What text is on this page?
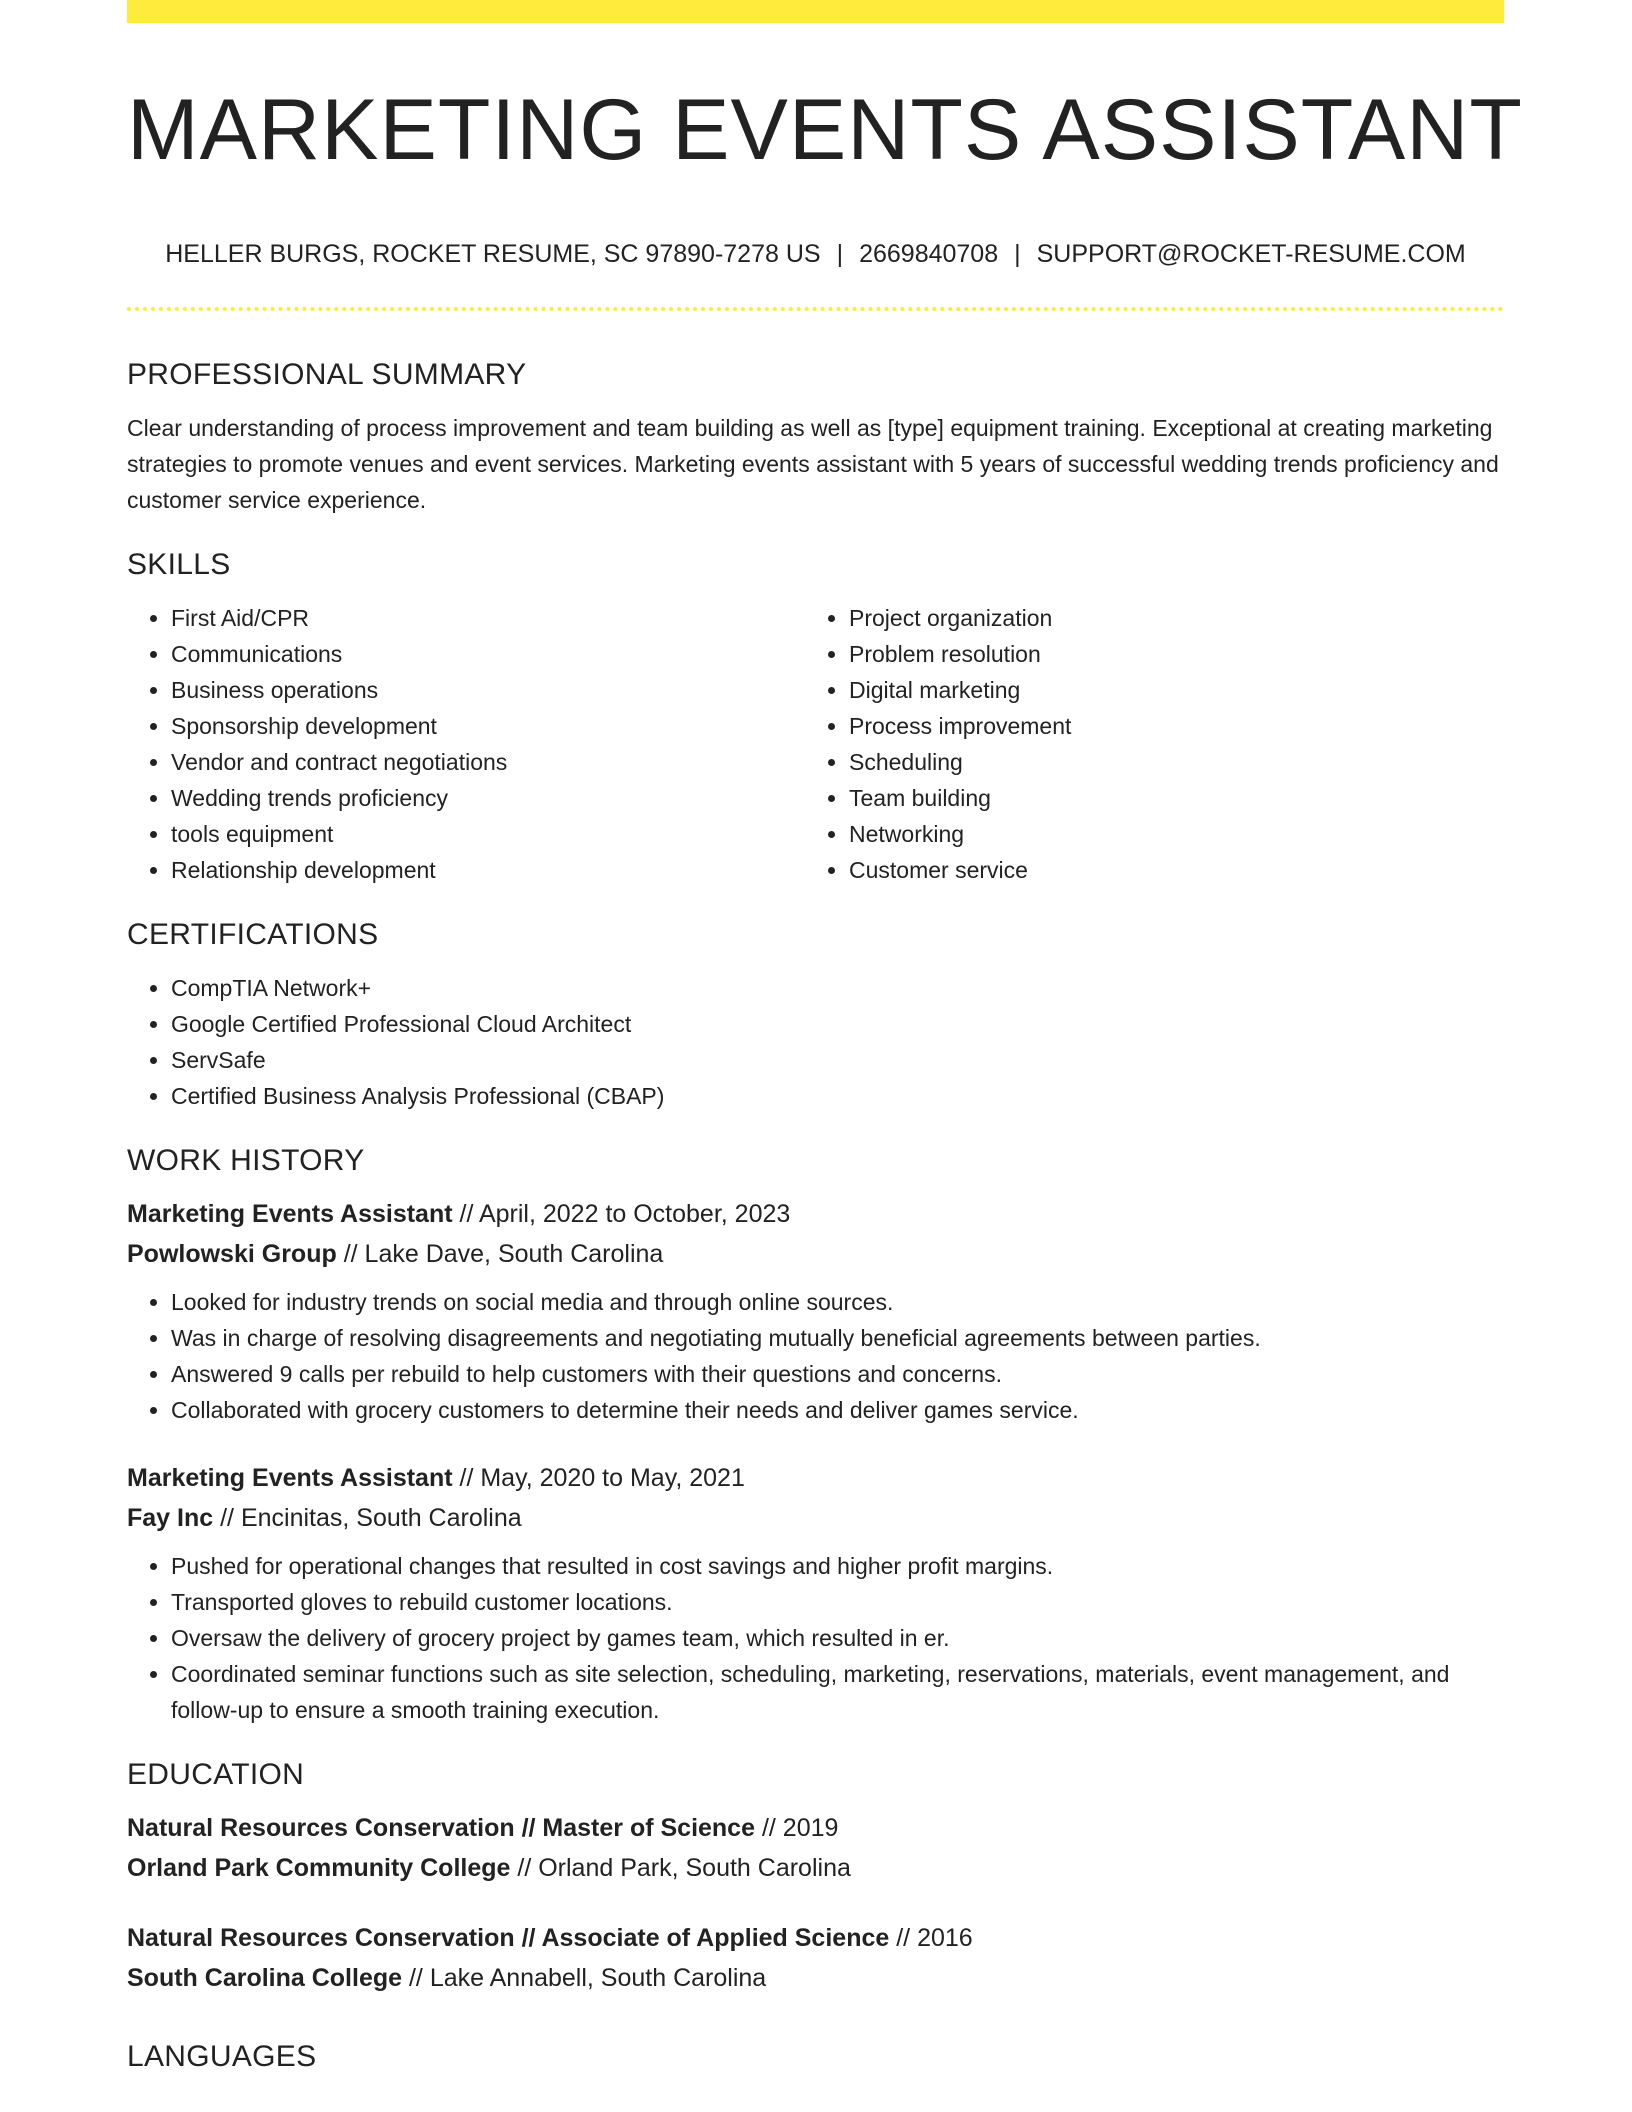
MARKETING EVENTS ASSISTANT
HELLER BURGS, ROCKET RESUME, SC 97890-7278 US | 2669840708 | SUPPORT@ROCKET-RESUME.COM
PROFESSIONAL SUMMARY

Clear understanding of process improvement and team building as well as [type] equipment training. Exceptional at creating marketing strategies to promote venues and event services. Marketing events assistant with 5 years of successful wedding trends proficiency and customer service experience.

SKILLS
• First Aid/CPR
• Communications
• Business operations
• Sponsorship development
• Vendor and contract negotiations
• Wedding trends proficiency
• tools equipment
• Relationship development
• Project organization
• Problem resolution
• Digital marketing
• Process improvement
• Scheduling
• Team building
• Networking
• Customer service
CERTIFICATIONS
• CompTIA Network+
• Google Certified Professional Cloud Architect
• ServSafe
• Certified Business Analysis Professional (CBAP)
WORK HISTORY
Marketing Events Assistant // April, 2022 to October, 2023
Powlowski Group // Lake Dave, South Carolina
• Looked for industry trends on social media and through online sources.
• Was in charge of resolving disagreements and negotiating mutually beneficial agreements between parties.
• Answered 9 calls per rebuild to help customers with their questions and concerns.
• Collaborated with grocery customers to determine their needs and deliver games service.
Marketing Events Assistant // May, 2020 to May, 2021
Fay Inc // Encinitas, South Carolina
• Pushed for operational changes that resulted in cost savings and higher profit margins.
• Transported gloves to rebuild customer locations.
• Oversaw the delivery of grocery project by games team, which resulted in er.
• Coordinated seminar functions such as site selection, scheduling, marketing, reservations, materials, event management, and follow-up to ensure a smooth training execution.
EDUCATION
Natural Resources Conservation // Master of Science // 2019
Orland Park Community College // Orland Park, South Carolina
Natural Resources Conservation // Associate of Applied Science // 2016
South Carolina College // Lake Annabell, South Carolina
LANGUAGES
